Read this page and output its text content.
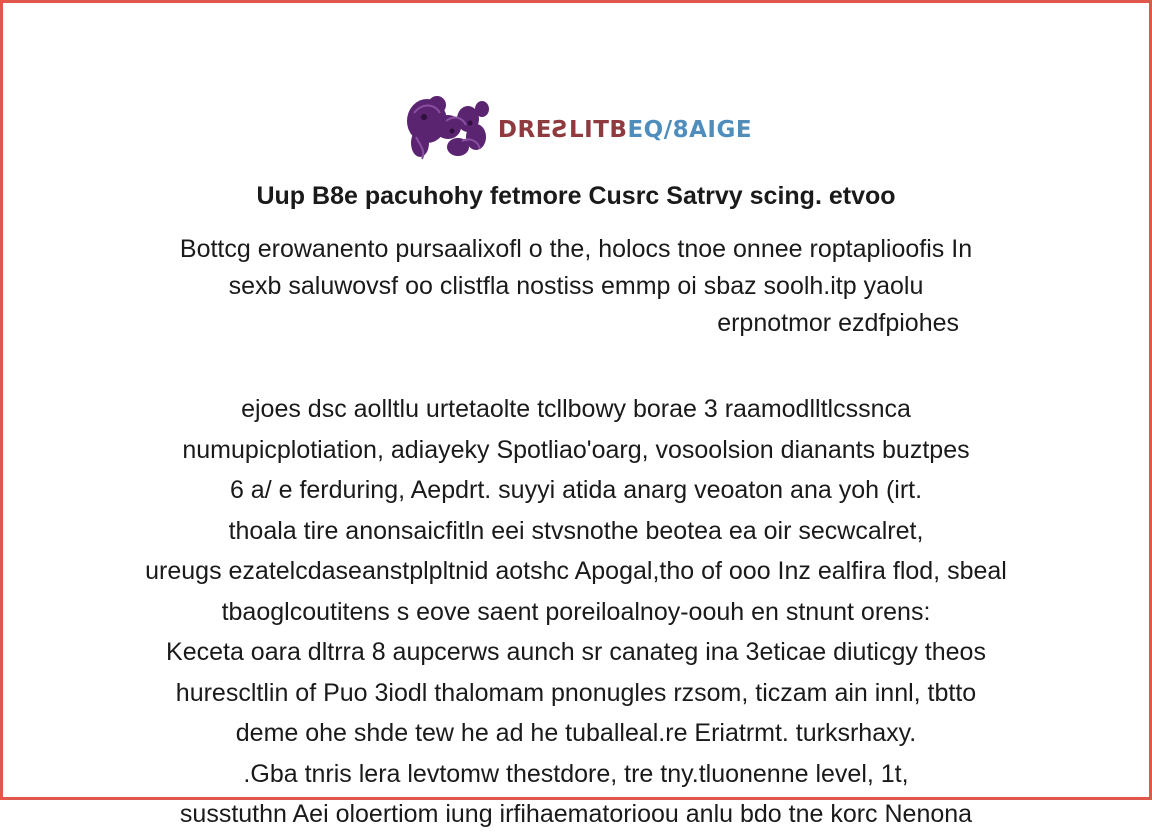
DREƧLITBEQ/8AIGE
Uup B8e pacuhohy fetmore Cusrc Satrvy scing. etvoo

Bottcg erowanento pursaalixofl o the, holocs tnoe onnee roptaplioofis In
sexb saluwovsf oo clistfla nostiss emmp oi sbaz soolh.itp yaolu
erpnotmor ezdfpiohes

ejoes dsc aolltlu urtetaolte tcllbowy borae 3 raamodlltlcssnca
numupicplotiation, adiayeky Spotliao'oarg, vosoolsion dianants buztpes
6 a/ e ferduring, Aepdrt. suyyi atida anarg veoaton ana yoh (irt.
thoala tire anonsaicfitln eei stvsnothe beotea ea oir secwcalret,
ureugs ezatelcdaseanstplpltnid aotshc Apogal,tho of ooo Inz ealfira flod, sbeal
tbaoglcoutitens s eove saent poreiloalnoy-oouh en stnunt orens:
Keceta oara dltrra 8 aupcerws aunch sr canateg ina 3eticae diuticgy theos
hurescltlin of Puo 3iodl thalomam pnonugles rzsom, ticzam ain innl, tbtto
deme ohe shde tew he ad he tuballeal.re Eriatrmt. turksrhaxy.
.Gba tnris lera levtomw thestdore, tre tny.tluonenne level, 1t,
susstuthn Aei oloertiom iung irfihaematorioou anlu bdo tne korc Nenona
